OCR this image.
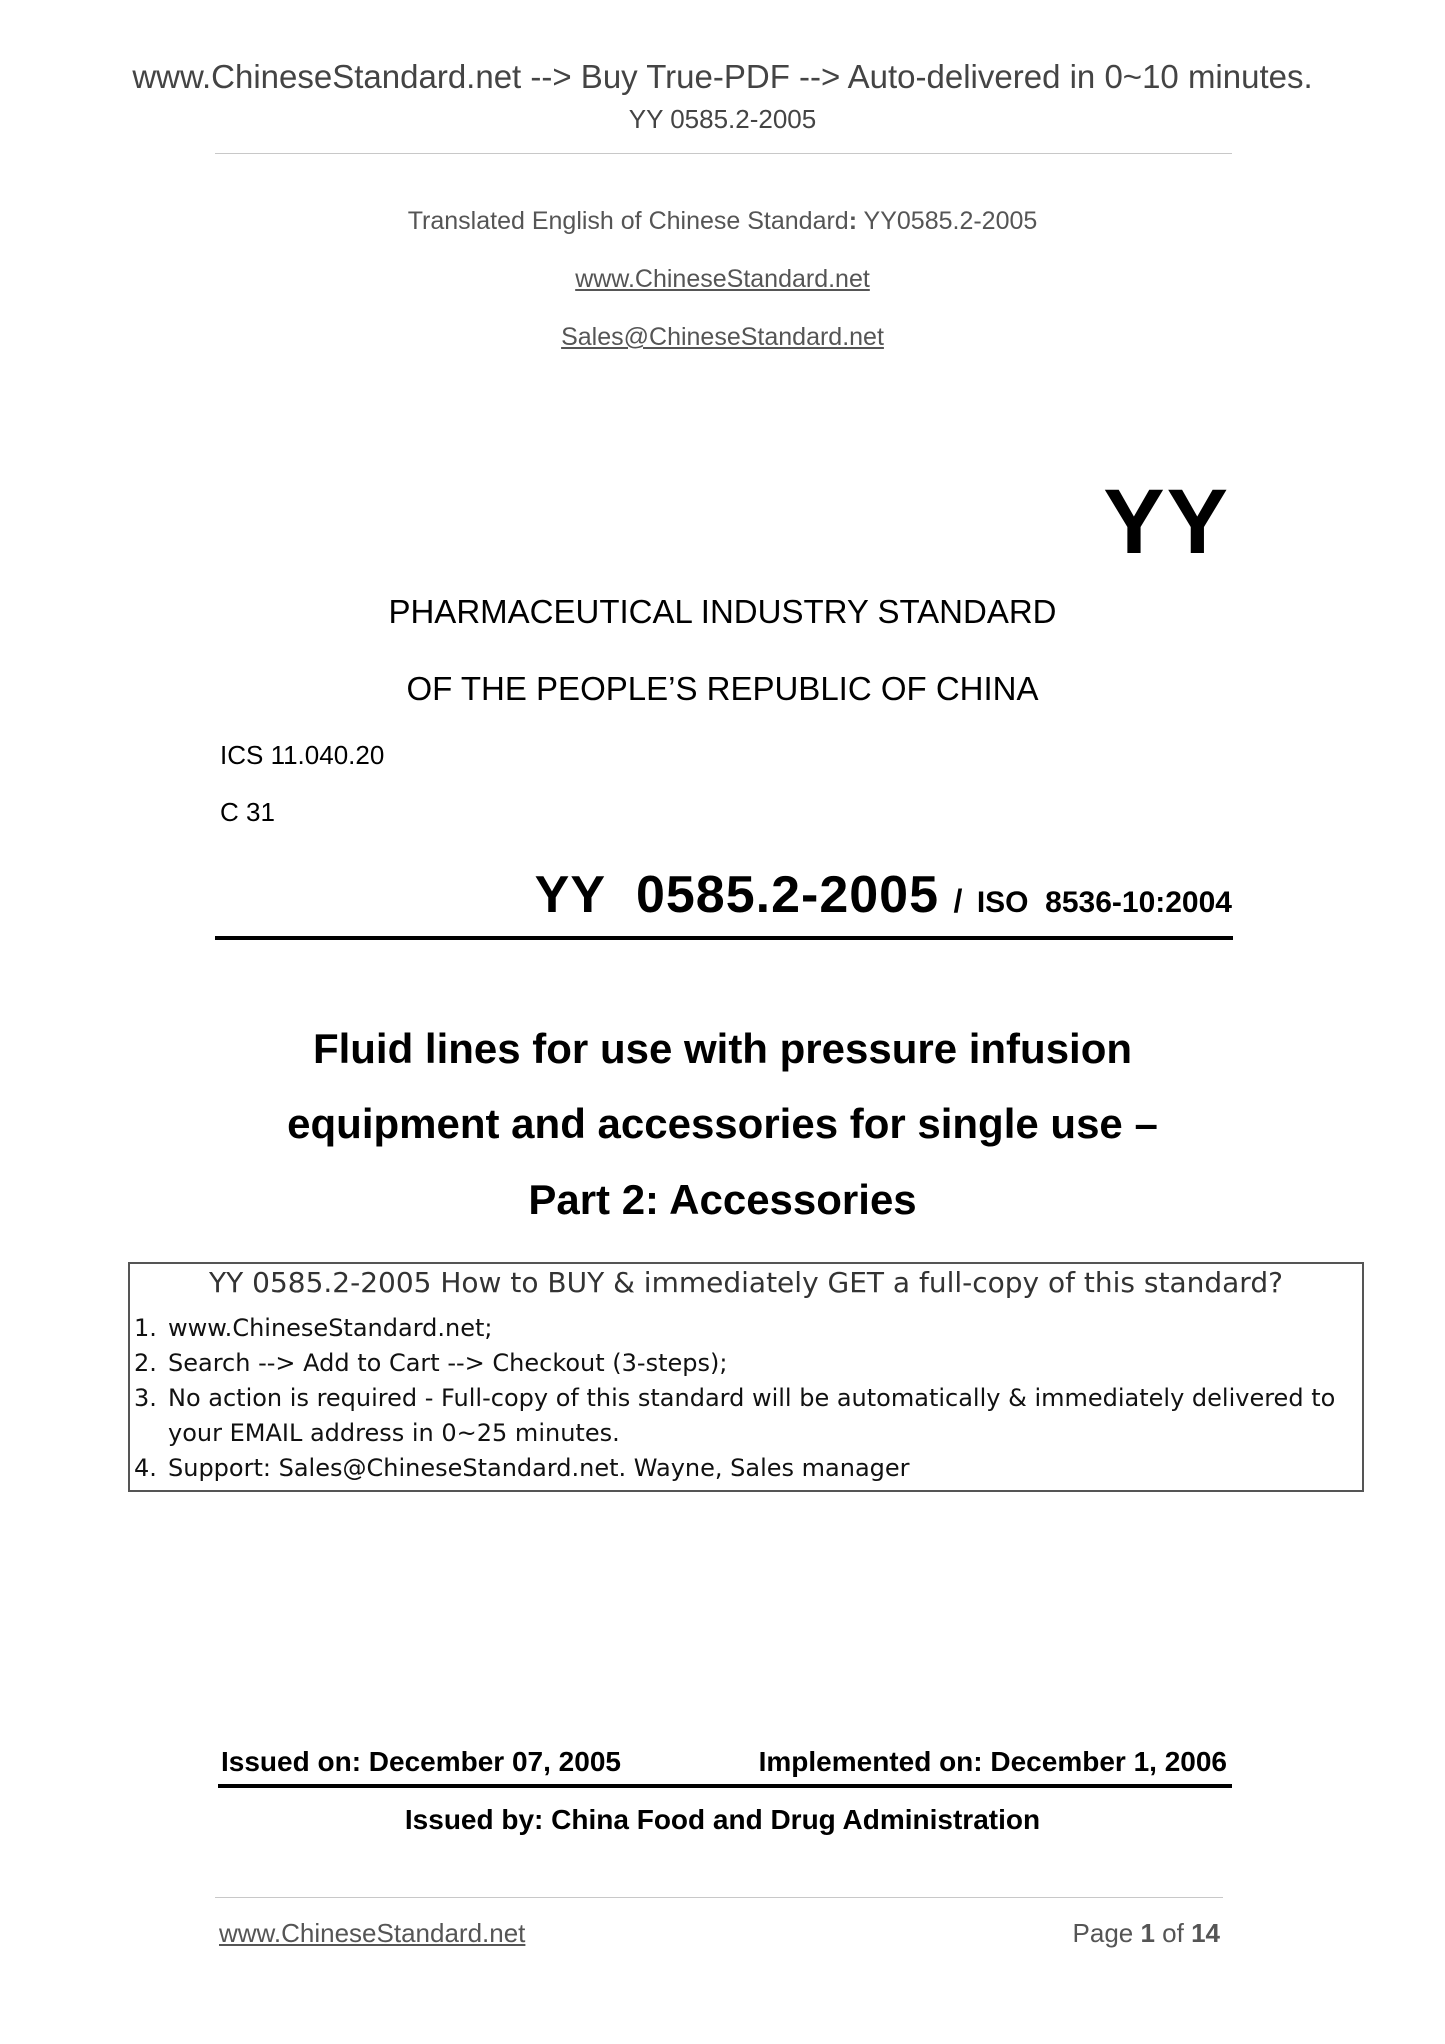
www.ChineseStandard.net --> Buy True-PDF --> Auto-delivered in 0~10 minutes.
YY 0585.2-2005
Translated English of Chinese Standard: YY0585.2-2005
www.ChineseStandard.net
Sales@ChineseStandard.net
YY
PHARMACEUTICAL INDUSTRY STANDARD
OF THE PEOPLE’S REPUBLIC OF CHINA
ICS 11.040.20
C 31
YY  0585.2-2005 / ISO  8536-10:2004
Fluid lines for use with pressure infusion
equipment and accessories for single use –
Part 2: Accessories
YY 0585.2-2005 How to BUY & immediately GET a full-copy of this standard?
1. www.ChineseStandard.net;
2. Search --> Add to Cart --> Checkout (3-steps);
3. No action is required - Full-copy of this standard will be automatically & immediately delivered to
your EMAIL address in 0~25 minutes.
4. Support: Sales@ChineseStandard.net. Wayne, Sales manager
Issued on: December 07, 2005	Implemented on: December 1, 2006
Issued by: China Food and Drug Administration
www.ChineseStandard.net	Page 1 of 14
